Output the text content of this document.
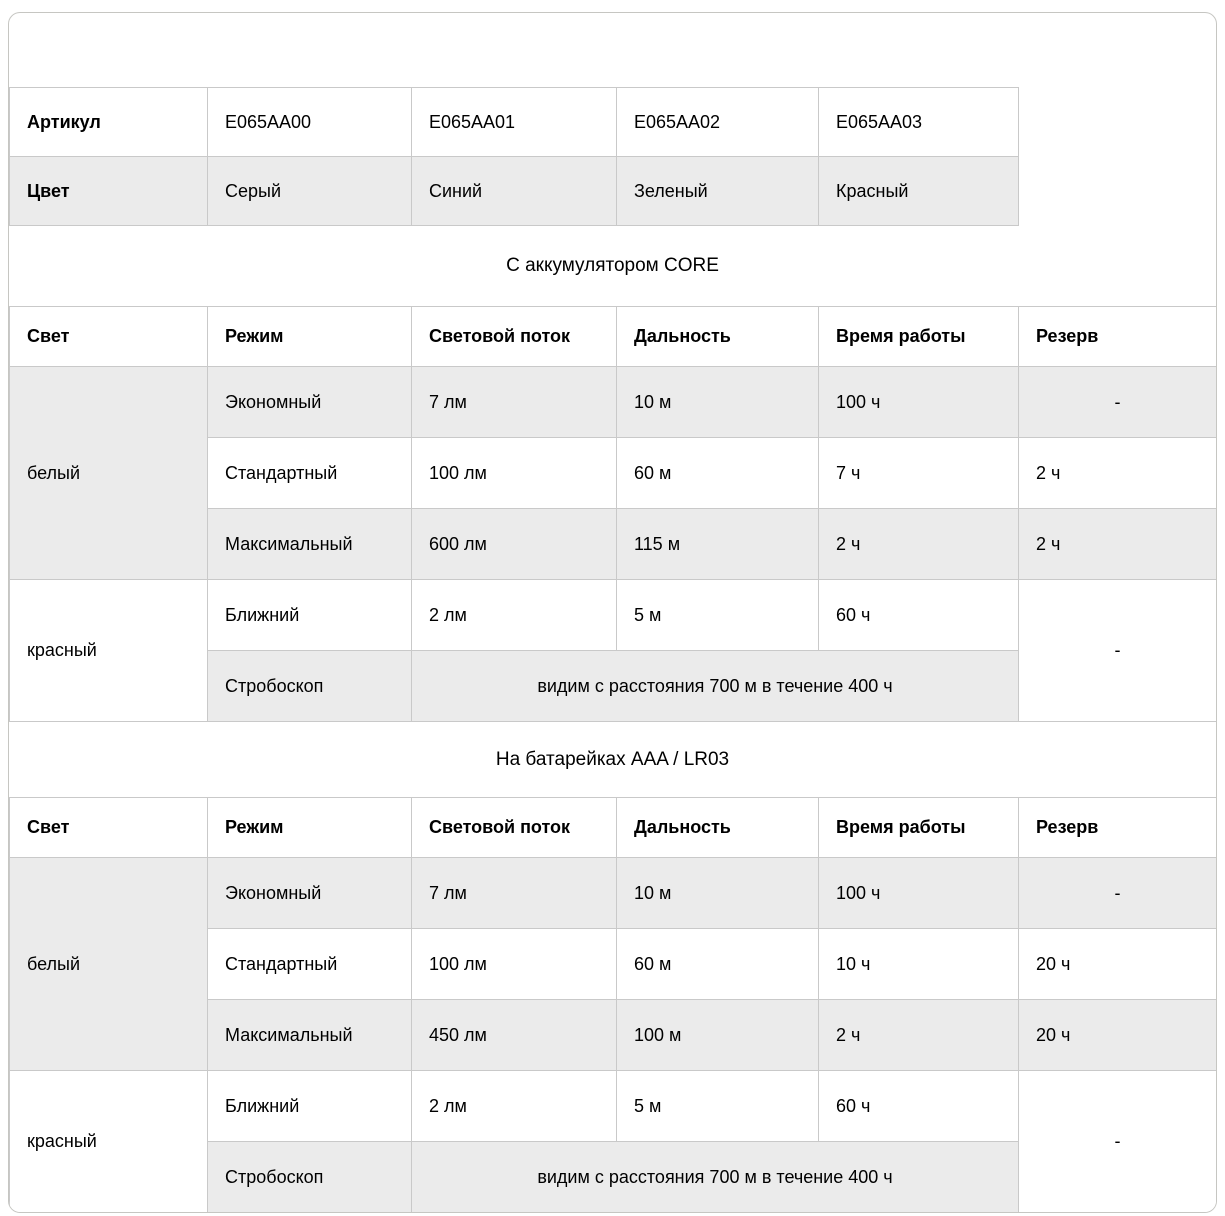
Артикул	E065AA00	E065AA01	E065AA02	E065AA03
Цвет	Серый	Синий	Зеленый	Красный
С аккумулятором CORE
Свет	Режим	Световой поток	Дальность	Время работы	Резерв
белый	Экономный	7 лм	10 м	100 ч	-
	Стандартный	100 лм	60 м	7 ч	2 ч
	Максимальный	600 лм	115 м	2 ч	2 ч
красный	Ближний	2 лм	5 м	60 ч	-
	Стробоскоп	видим с расстояния 700 м в течение 400 ч			
На батарейках AAA / LR03
Свет	Режим	Световой поток	Дальность	Время работы	Резерв
белый	Экономный	7 лм	10 м	100 ч	-
	Стандартный	100 лм	60 м	10 ч	20 ч
	Максимальный	450 лм	100 м	2 ч	20 ч
красный	Ближний	2 лм	5 м	60 ч	-
	Стробоскоп	видим с расстояния 700 м в течение 400 ч			
